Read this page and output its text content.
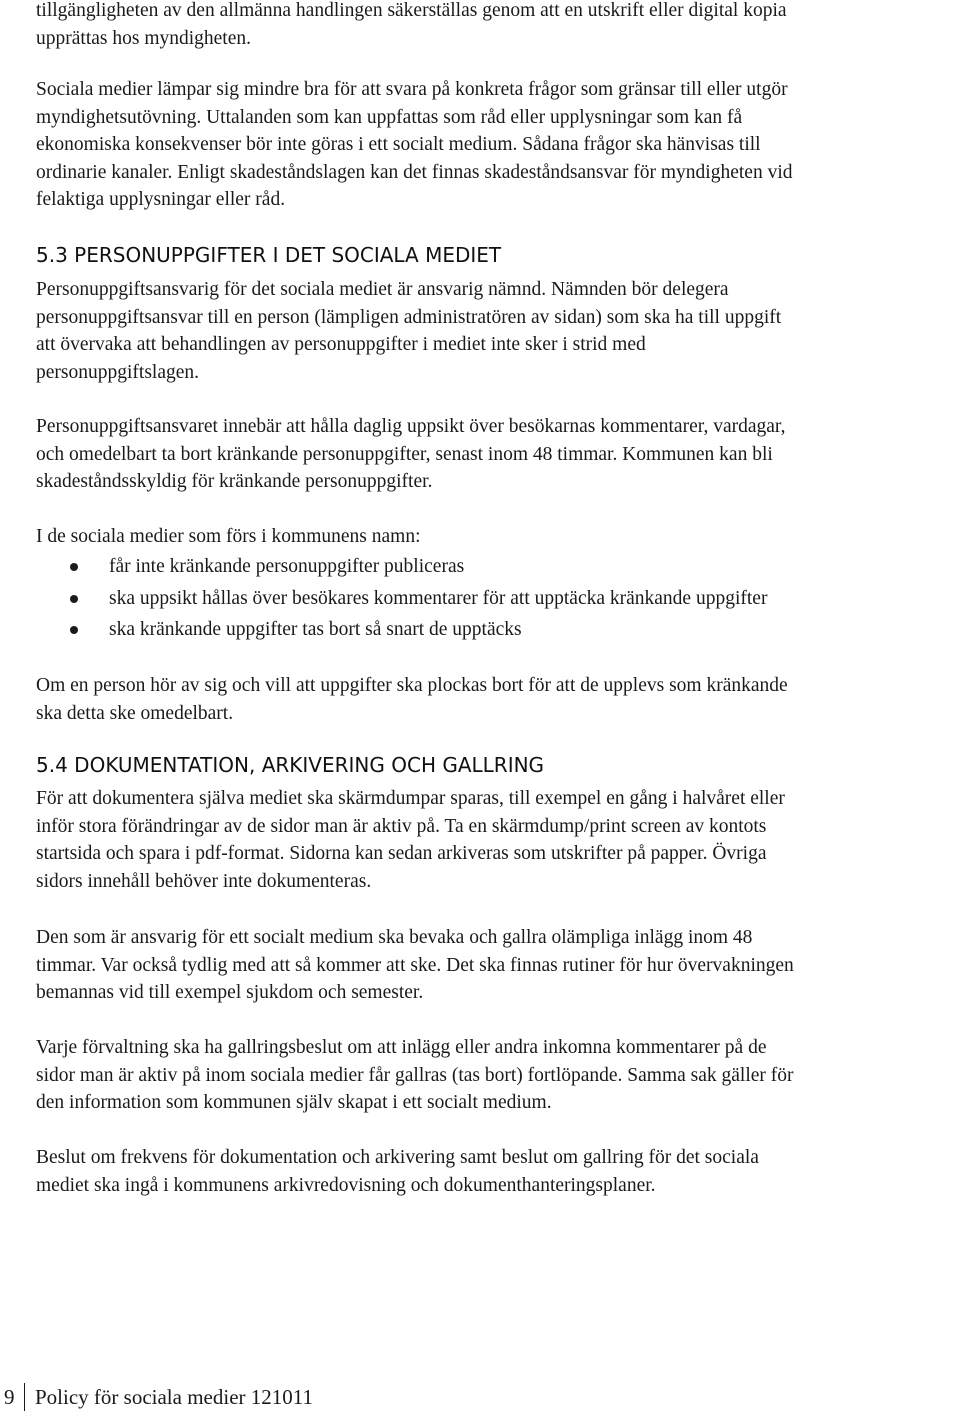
tillgängligheten av den allmänna handlingen säkerställas genom att en utskrift eller digital kopia
upprättas hos myndigheten.

Sociala medier lämpar sig mindre bra för att svara på konkreta frågor som gränsar till eller utgör
myndighetsutövning. Uttalanden som kan uppfattas som råd eller upplysningar som kan få
ekonomiska konsekvenser bör inte göras i ett socialt medium. Sådana frågor ska hänvisas till
ordinarie kanaler. Enligt skadeståndslagen kan det finnas skadeståndsansvar för myndigheten vid
felaktiga upplysningar eller råd.

5.3 PERSONUPPGIFTER I DET SOCIALA MEDIET

Personuppgiftsansvarig för det sociala mediet är ansvarig nämnd. Nämnden bör delegera
personuppgiftsansvar till en person (lämpligen administratören av sidan) som ska ha till uppgift
att övervaka att behandlingen av personuppgifter i mediet inte sker i strid med
personuppgiftslagen.

Personuppgiftsansvaret innebär att hålla daglig uppsikt över besökarnas kommentarer, vardagar,
och omedelbart ta bort kränkande personuppgifter, senast inom 48 timmar. Kommunen kan bli
skadeståndsskyldig för kränkande personuppgifter.

I de sociala medier som förs i kommunens namn:

får inte kränkande personuppgifter publiceras
ska uppsikt hållas över besökares kommentarer för att upptäcka kränkande uppgifter
ska kränkande uppgifter tas bort så snart de upptäcks

Om en person hör av sig och vill att uppgifter ska plockas bort för att de upplevs som kränkande
ska detta ske omedelbart.

5.4 DOKUMENTATION, ARKIVERING OCH GALLRING

För att dokumentera själva mediet ska skärmdumpar sparas, till exempel en gång i halvåret eller
inför stora förändringar av de sidor man är aktiv på. Ta en skärmdump/print screen av kontots
startsida och spara i pdf-format. Sidorna kan sedan arkiveras som utskrifter på papper. Övriga
sidors innehåll behöver inte dokumenteras.

Den som är ansvarig för ett socialt medium ska bevaka och gallra olämpliga inlägg inom 48
timmar. Var också tydlig med att så kommer att ske. Det ska finnas rutiner för hur övervakningen
bemannas vid till exempel sjukdom och semester.

Varje förvaltning ska ha gallringsbeslut om att inlägg eller andra inkomna kommentarer på de
sidor man är aktiv på inom sociala medier får gallras (tas bort) fortlöpande. Samma sak gäller för
den information som kommunen själv skapat i ett socialt medium.

Beslut om frekvens för dokumentation och arkivering samt beslut om gallring för det sociala
mediet ska ingå i kommunens arkivredovisning och dokumenthanteringsplaner.

9 Policy för sociala medier 121011
